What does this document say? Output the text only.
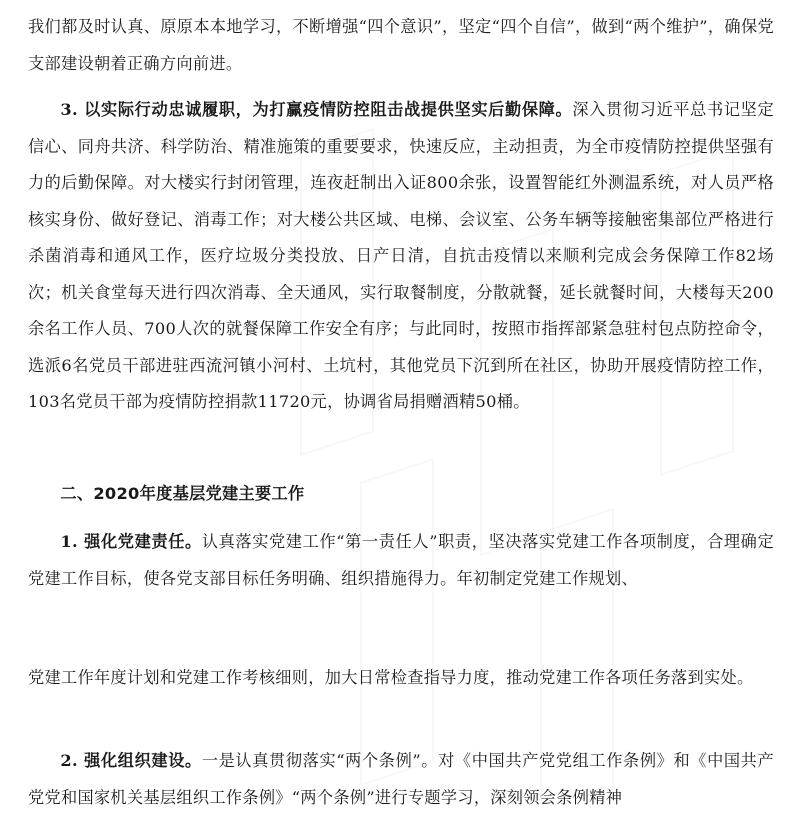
我们都及时认真、原原本本地学习，不断增强“四个意识”，坚定“四个自信”，做到“两个维护”，确保党支部建设朝着正确方向前进。

3. 以实际行动忠诚履职，为打赢疫情防控阻击战提供坚实后勤保障。深入贯彻习近平总书记坚定信心、同舟共济、科学防治、精准施策的重要要求，快速反应，主动担责，为全市疫情防控提供坚强有力的后勤保障。对大楼实行封闭管理，连夜赶制出入证800余张，设置智能红外测温系统，对人员严格核实身份、做好登记、消毒工作；对大楼公共区域、电梯、会议室、公务车辆等接触密集部位严格进行杀菌消毒和通风工作，医疗垃圾分类投放、日产日清，自抗击疫情以来顺利完成会务保障工作82场次；机关食堂每天进行四次消毒、全天通风，实行取餐制度，分散就餐，延长就餐时间，大楼每天200余名工作人员、700人次的就餐保障工作安全有序；与此同时，按照市指挥部紧急驻村包点防控命令，选派6名党员干部进驻西流河镇小河村、土坑村，其他党员下沉到所在社区，协助开展疫情防控工作，103名党员干部为疫情防控捐款11720元，协调省局捐赠酒精50桶。

二、2020年度基层党建主要工作

1. 强化党建责任。认真落实党建工作“第一责任人”职责，坚决落实党建工作各项制度，合理确定党建工作目标，使各党支部目标任务明确、组织措施得力。年初制定党建工作规划、

党建工作年度计划和党建工作考核细则，加大日常检查指导力度，推动党建工作各项任务落到实处。

2. 强化组织建设。一是认真贯彻落实“两个条例”。对《中国共产党党组工作条例》和《中国共产党党和国家机关基层组织工作条例》“两个条例”进行专题学习，深刻领会条例精神
